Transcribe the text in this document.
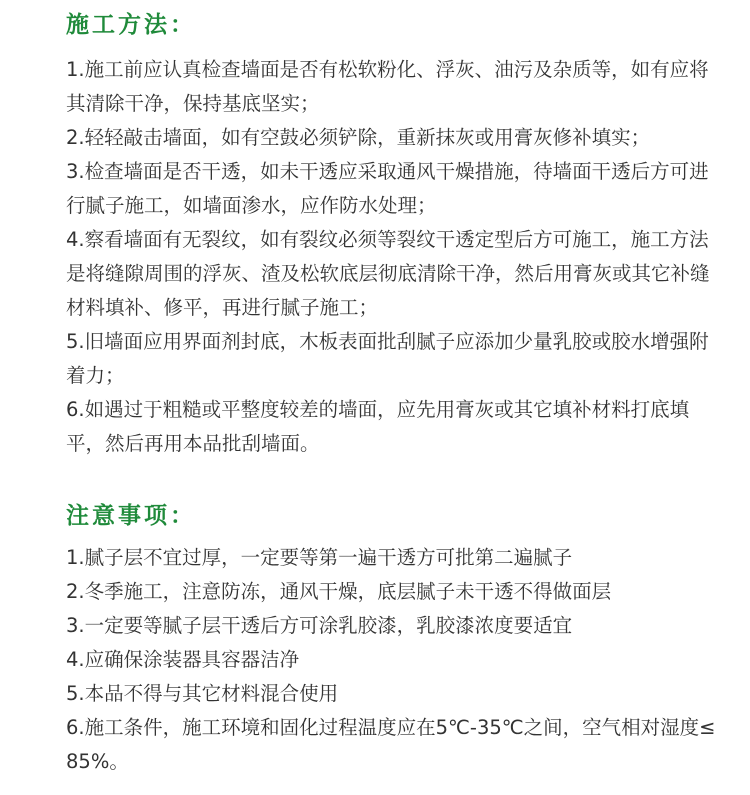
施工方法：
1.施工前应认真检查墙面是否有松软粉化、浮灰、油污及杂质等，如有应将其清除干净，保持基底坚实；
2.轻轻敲击墙面，如有空鼓必须铲除，重新抹灰或用膏灰修补填实；
3.检查墙面是否干透，如未干透应采取通风干燥措施，待墙面干透后方可进行腻子施工，如墙面渗水，应作防水处理；
4.察看墙面有无裂纹，如有裂纹必须等裂纹干透定型后方可施工，施工方法是将缝隙周围的浮灰、渣及松软底层彻底清除干净，然后用膏灰或其它补缝材料填补、修平，再进行腻子施工；
5.旧墙面应用界面剂封底，木板表面批刮腻子应添加少量乳胶或胶水增强附着力；
6.如遇过于粗糙或平整度较差的墙面，应先用膏灰或其它填补材料打底填平，然后再用本品批刮墙面。
注意事项：
1.腻子层不宜过厚，一定要等第一遍干透方可批第二遍腻子
2.冬季施工，注意防冻，通风干燥，底层腻子未干透不得做面层
3.一定要等腻子层干透后方可涂乳胶漆，乳胶漆浓度要适宜
4.应确保涂装器具容器洁净
5.本品不得与其它材料混合使用
6.施工条件，施工环境和固化过程温度应在5℃-35℃之间，空气相对湿度≤85%。
